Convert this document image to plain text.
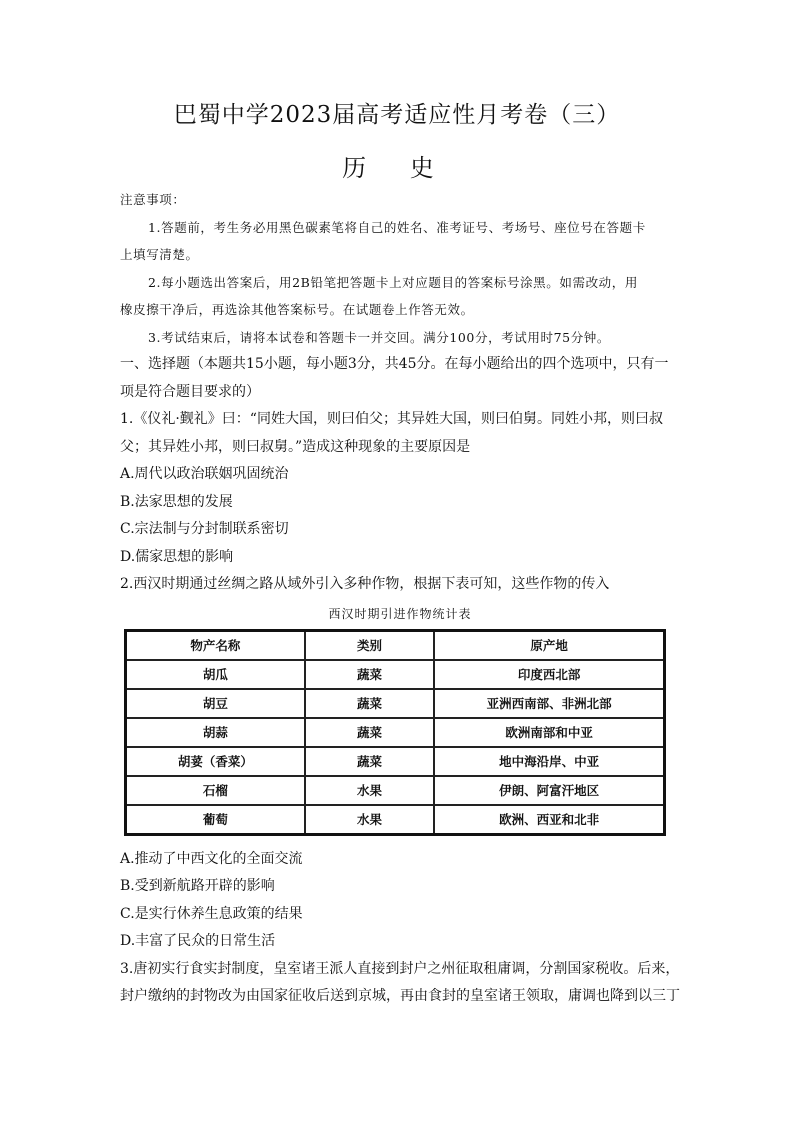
巴蜀中学2023届高考适应性月考卷（三）
历 史
注意事项：
1.答题前，考生务必用黑色碳素笔将自己的姓名、准考证号、考场号、座位号在答题卡
上填写清楚。
2.每小题选出答案后，用2B铅笔把答题卡上对应题目的答案标号涂黑。如需改动，用
橡皮擦干净后，再选涂其他答案标号。在试题卷上作答无效。
3.考试结束后，请将本试卷和答题卡一并交回。满分100分，考试用时75分钟。
一、选择题（本题共15小题，每小题3分，共45分。在每小题给出的四个选项中，只有一
项是符合题目要求的）
1.《仪礼·觐礼》曰：“同姓大国，则曰伯父；其异姓大国，则曰伯舅。同姓小邦，则曰叔
父；其异姓小邦，则曰叔舅。”造成这种现象的主要原因是
A.周代以政治联姻巩固统治
B.法家思想的发展
C.宗法制与分封制联系密切
D.儒家思想的影响
2.西汉时期通过丝绸之路从域外引入多种作物，根据下表可知，这些作物的传入
西汉时期引进作物统计表
物产名称	类别	原产地
胡瓜	蔬菜	印度西北部
胡豆	蔬菜	亚洲西南部、非洲北部
胡蒜	蔬菜	欧洲南部和中亚
胡荽（香菜）	蔬菜	地中海沿岸、中亚
石榴	水果	伊朗、阿富汗地区
葡萄	水果	欧洲、西亚和北非
A.推动了中西文化的全面交流
B.受到新航路开辟的影响
C.是实行休养生息政策的结果
D.丰富了民众的日常生活
3.唐初实行食实封制度，皇室诸王派人直接到封户之州征取租庸调，分割国家税收。后来，
封户缴纳的封物改为由国家征收后送到京城，再由食封的皇室诸王领取，庸调也降到以三丁
